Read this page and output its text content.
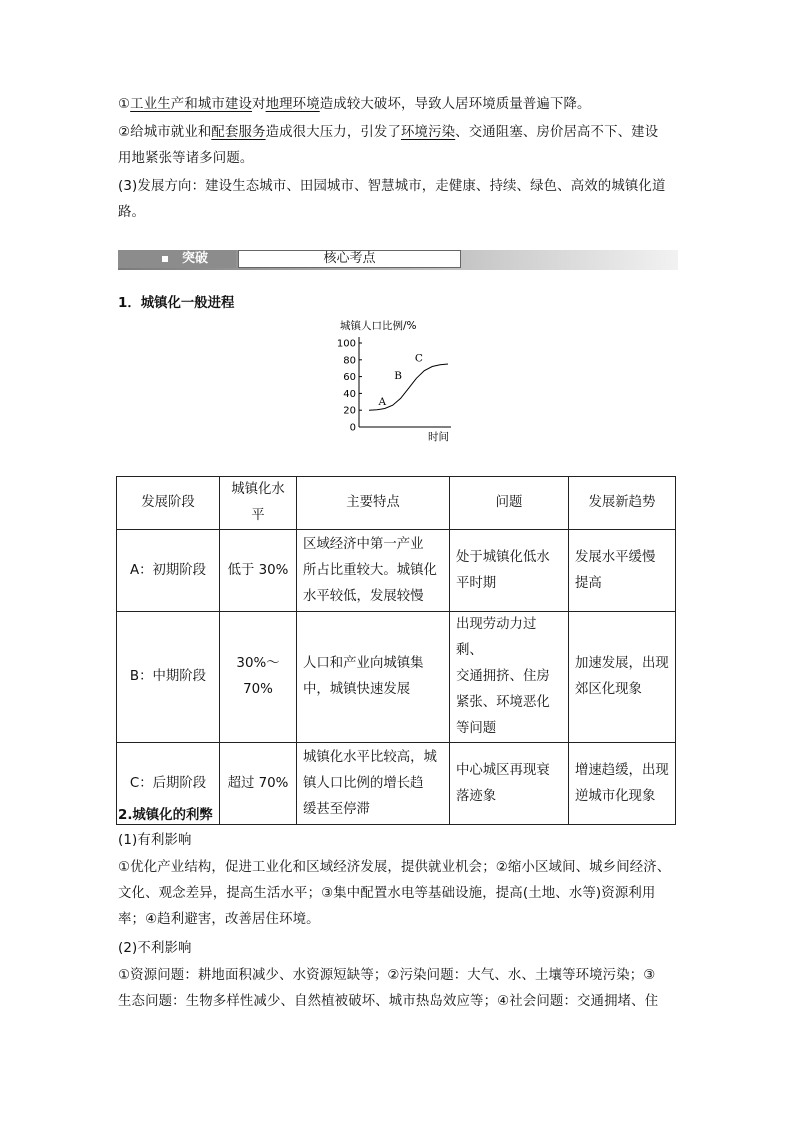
①工业生产和城市建设对地理环境造成较大破坏，导致人居环境质量普遍下降。

②给城市就业和配套服务造成很大压力，引发了环境污染、交通阻塞、房价居高不下、建设
用地紧张等诸多问题。

(3)发展方向：建设生态城市、田园城市、智慧城市，走健康、持续、绿色、高效的城镇化道
路。

突破	核心考点
1．城镇化一般进程
城镇人口比例/%
0
20
40
60
80
100
A
B
C
时间
发展阶段	城镇化水平	主要特点	问题	发展新趋势
A：初期阶段	低于 30%	区域经济中第一产业
所占比重较大。城镇化
水平较低，发展较慢	处于城镇化低水
平时期	发展水平缓慢
提高
B：中期阶段	30%～70%	人口和产业向城镇集
中，城镇快速发展	出现劳动力过剩、
交通拥挤、住房
紧张、环境恶化
等问题	加速发展，出现
郊区化现象
C：后期阶段	超过 70%	城镇化水平比较高，城
镇人口比例的增长趋
缓甚至停滞	中心城区再现衰
落迹象	增速趋缓，出现
逆城市化现象
2.城镇化的利弊

(1)有利影响

①优化产业结构，促进工业化和区域经济发展，提供就业机会；②缩小区域间、城乡间经济、
文化、观念差异，提高生活水平；③集中配置水电等基础设施，提高(土地、水等)资源利用
率；④趋利避害，改善居住环境。

(2)不利影响

①资源问题：耕地面积减少、水资源短缺等；②污染问题：大气、水、土壤等环境污染；③
生态问题：生物多样性减少、自然植被破坏、城市热岛效应等；④社会问题：交通拥堵、住
